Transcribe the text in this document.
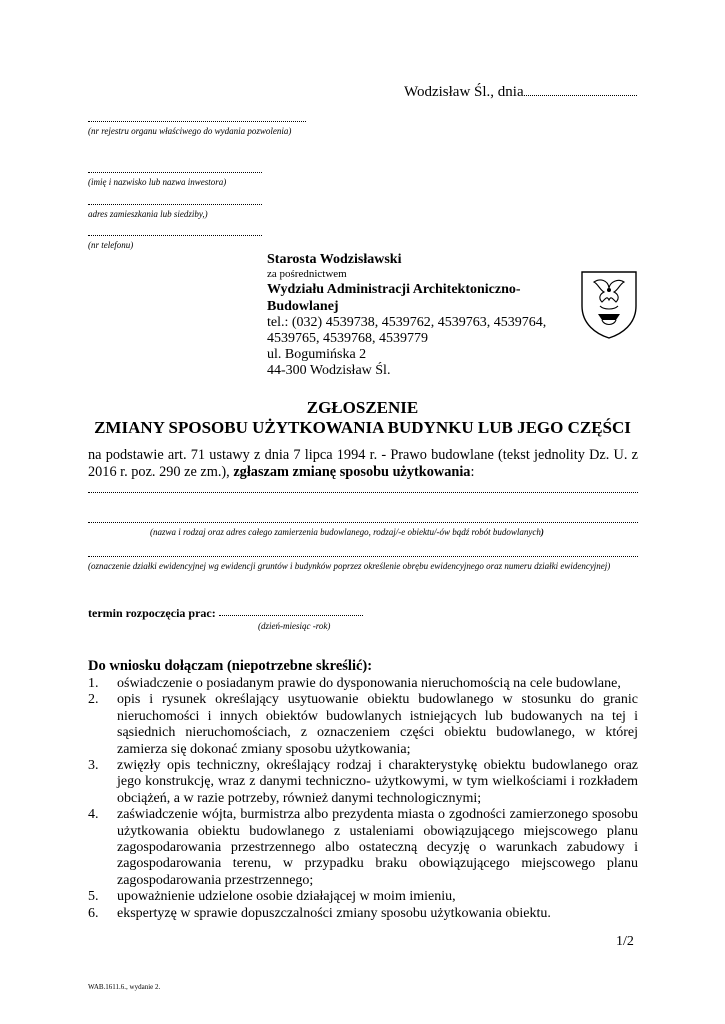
Wodzisław Śl., dnia
(nr rejestru organu właściwego do wydania pozwolenia)
(imię i nazwisko lub nazwa inwestora)
adres zamieszkania lub siedziby,)
(nr telefonu)
Starosta Wodzisławski
za pośrednictwem
Wydziału Administracji Architektoniczno-
Budowlanej
tel.: (032) 4539738, 4539762, 4539763, 4539764,
4539765, 4539768, 4539779
ul. Bogumińska 2
44-300 Wodzisław Śl.
ZGŁOSZENIE
ZMIANY SPOSOBU UŻYTKOWANIA BUDYNKU LUB JEGO CZĘŚCI
na podstawie art. 71 ustawy z dnia 7 lipca 1994 r. - Prawo budowlane (tekst jednolity Dz. U. z 2016 r. poz. 290 ze zm.), zgłaszam zmianę sposobu użytkowania:
(nazwa i rodzaj oraz adres całego zamierzenia budowlanego, rodzaj/-e obiektu/-ów bądź robót budowlanych)
(oznaczenie działki ewidencyjnej wg ewidencji gruntów i budynków poprzez określenie obrębu ewidencyjnego oraz numeru działki ewidencyjnej)
termin rozpoczęcia prac:
(dzień-miesiąc -rok)
Do wniosku dołączam (niepotrzebne skreślić):
1. oświadczenie o posiadanym prawie do dysponowania nieruchomością na cele budowlane,
2. opis i rysunek określający usytuowanie obiektu budowlanego w stosunku do granic nieruchomości i innych obiektów budowlanych istniejących lub budowanych na tej i sąsiednich nieruchomościach, z oznaczeniem części obiektu budowlanego, w której zamierza się dokonać zmiany sposobu użytkowania;
3. zwięzły opis techniczny, określający rodzaj i charakterystykę obiektu budowlanego oraz jego konstrukcję, wraz z danymi techniczno- użytkowymi, w tym wielkościami i rozkładem obciążeń, a w razie potrzeby, również danymi technologicznymi;
4. zaświadczenie wójta, burmistrza albo prezydenta miasta o zgodności zamierzonego sposobu użytkowania obiektu budowlanego z ustaleniami obowiązującego miejscowego planu zagospodarowania przestrzennego albo ostateczną decyzję o warunkach zabudowy i zagospodarowania terenu, w przypadku braku obowiązującego miejscowego planu zagospodarowania przestrzennego;
5. upoważnienie udzielone osobie działającej w moim imieniu,
6. ekspertyzę w sprawie dopuszczalności zmiany sposobu użytkowania obiektu.
1/2
WAB.1611.6., wydanie 2.
